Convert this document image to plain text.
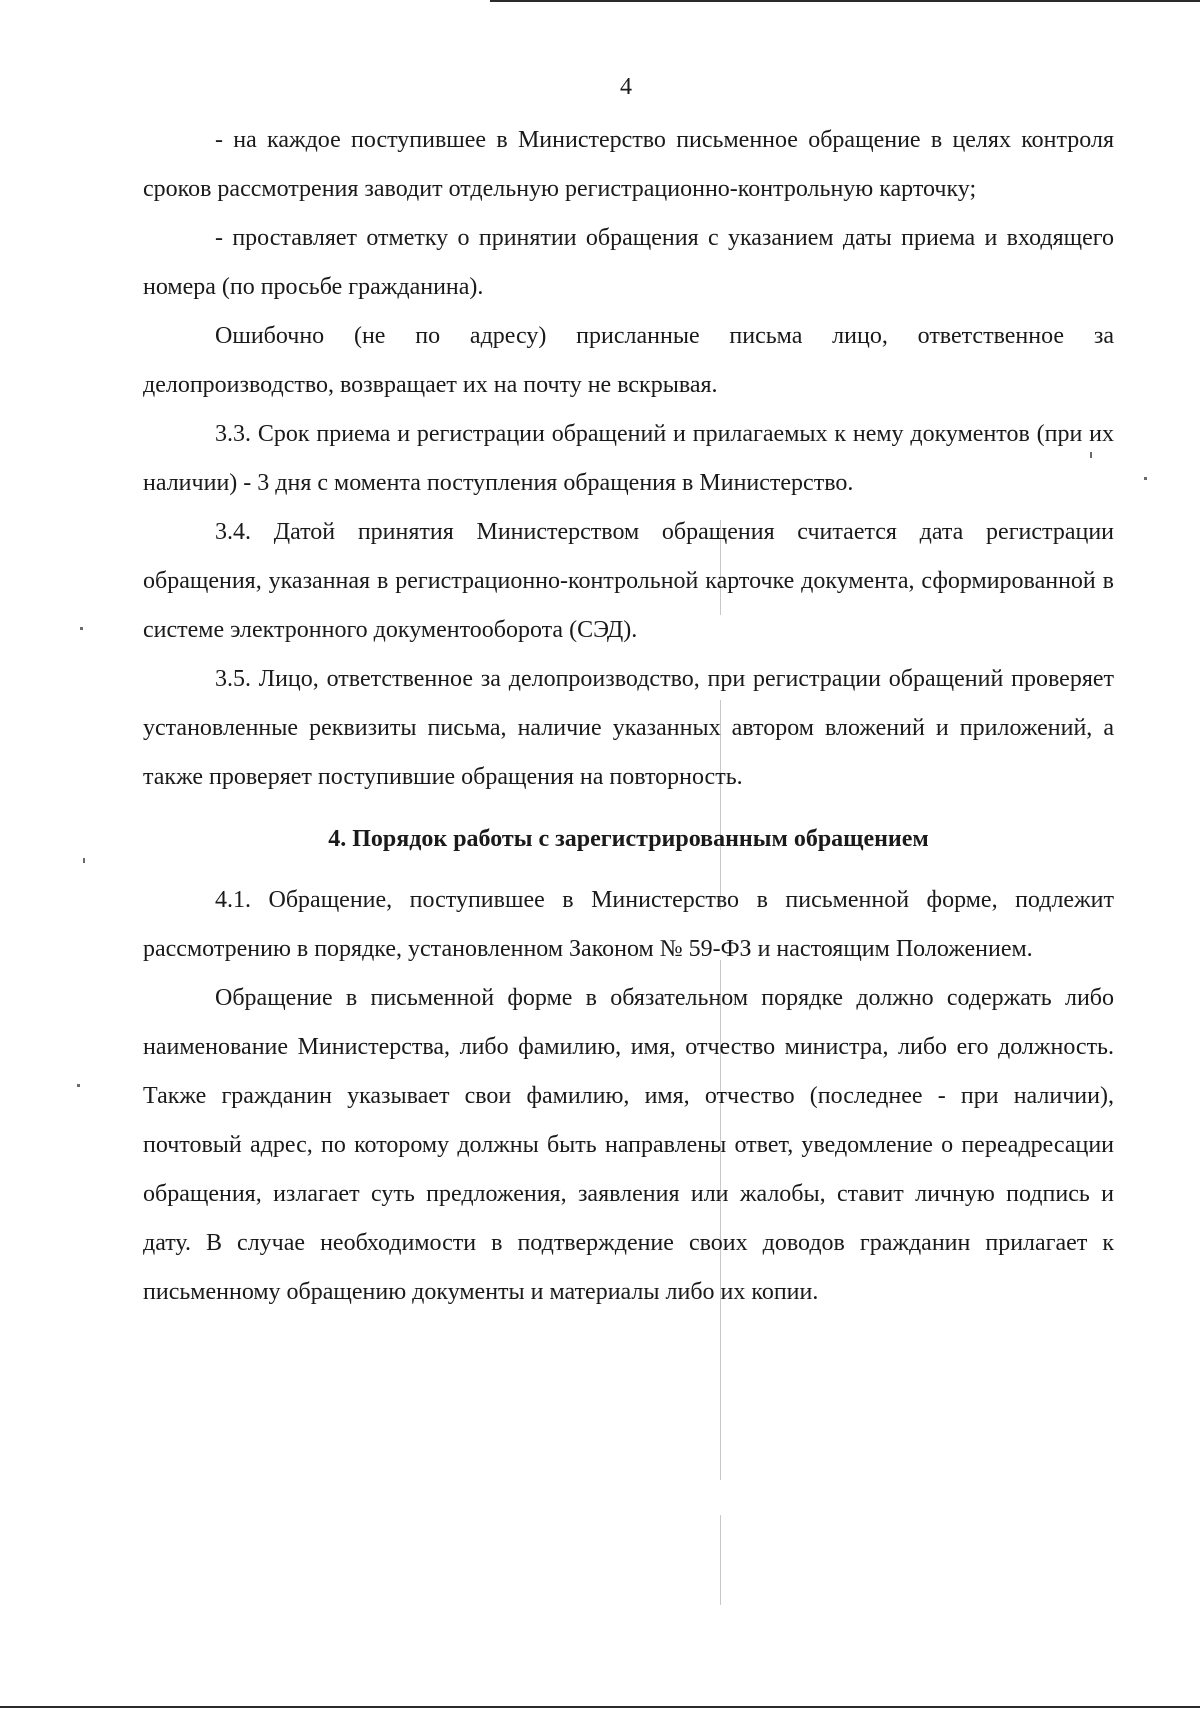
4

- на каждое поступившее в Министерство письменное обращение в целях контроля сроков рассмотрения заводит отдельную регистрационно-контрольную карточку;

- проставляет отметку о принятии обращения с указанием даты приема и входящего номера (по просьбе гражданина).

Ошибочно (не по адресу) присланные письма лицо, ответственное за делопроизводство, возвращает их на почту не вскрывая.

3.3. Срок приема и регистрации обращений и прилагаемых к нему документов (при их наличии) - 3 дня с момента поступления обращения в Министерство.

3.4. Датой принятия Министерством обращения считается дата регистрации обращения, указанная в регистрационно-контрольной карточке документа, сформированной в системе электронного документооборота (СЭД).

3.5. Лицо, ответственное за делопроизводство, при регистрации обращений проверяет установленные реквизиты письма, наличие указанных автором вложений и приложений, а также проверяет поступившие обращения на повторность.

4. Порядок работы с зарегистрированным обращением

4.1. Обращение, поступившее в Министерство в письменной форме, подлежит рассмотрению в порядке, установленном Законом № 59-ФЗ и настоящим Положением.

Обращение в письменной форме в обязательном порядке должно содержать либо наименование Министерства, либо фамилию, имя, отчество министра, либо его должность. Также гражданин указывает свои фамилию, имя, отчество (последнее - при наличии), почтовый адрес, по которому должны быть направлены ответ, уведомление о переадресации обращения, излагает суть предложения, заявления или жалобы, ставит личную подпись и дату. В случае необходимости в подтверждение своих доводов гражданин прилагает к письменному обращению документы и материалы либо их копии.
